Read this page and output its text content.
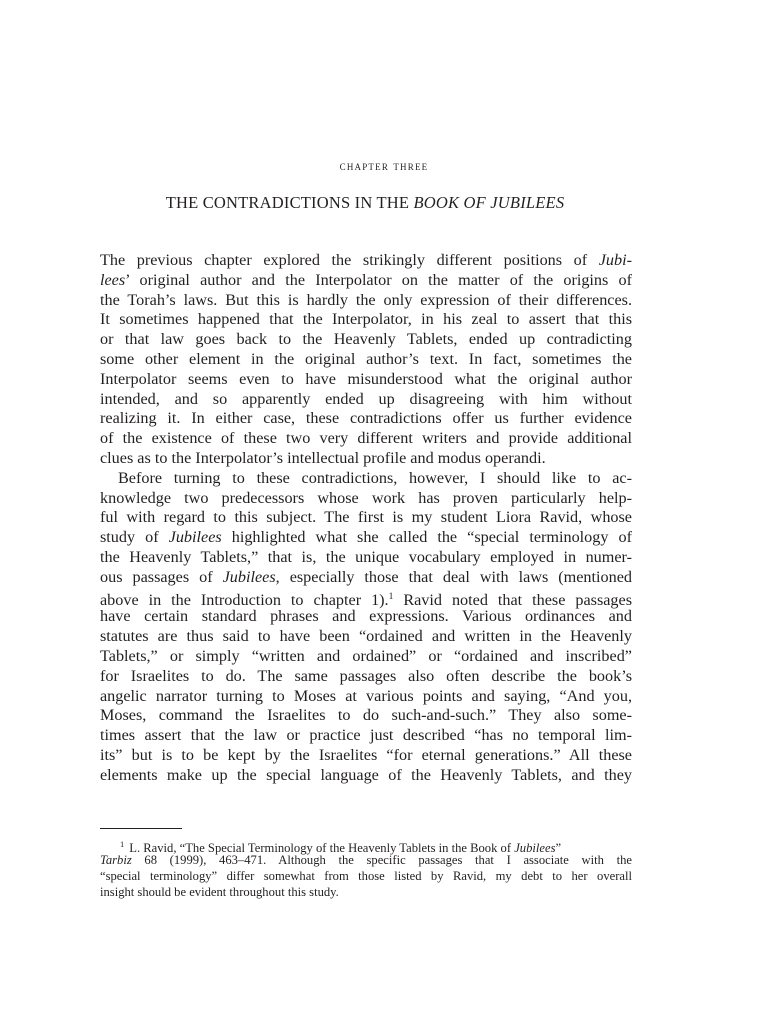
chapter three
THE CONTRADICTIONS IN THE BOOK OF JUBILEES
The previous chapter explored the strikingly different positions of Jubi-
lees’ original author and the Interpolator on the matter of the origins of
the Torah’s laws. But this is hardly the only expression of their differences.
It sometimes happened that the Interpolator, in his zeal to assert that this
or that law goes back to the Heavenly Tablets, ended up contradicting
some other element in the original author’s text. In fact, sometimes the
Interpolator seems even to have misunderstood what the original author
intended, and so apparently ended up disagreeing with him without
realizing it. In either case, these contradictions offer us further evidence
of the existence of these two very different writers and provide additional
clues as to the Interpolator’s intellectual profile and modus operandi.
Before turning to these contradictions, however, I should like to ac-
knowledge two predecessors whose work has proven particularly help-
ful with regard to this subject. The first is my student Liora Ravid, whose
study of Jubilees highlighted what she called the “special terminology of
the Heavenly Tablets,” that is, the unique vocabulary employed in numer-
ous passages of Jubilees, especially those that deal with laws (mentioned
above in the Introduction to chapter 1).$^1$ Ravid noted that these passages
have certain standard phrases and expressions. Various ordinances and
statutes are thus said to have been “ordained and written in the Heavenly
Tablets,” or simply “written and ordained” or “ordained and inscribed”
for Israelites to do. The same passages also often describe the book’s
angelic narrator turning to Moses at various points and saying, “And you,
Moses, command the Israelites to do such-and-such.” They also some-
times assert that the law or practice just described “has no temporal lim-
its” but is to be kept by the Israelites “for eternal generations.” All these
elements make up the special language of the Heavenly Tablets, and they
$^1$ L. Ravid, “The Special Terminology of the Heavenly Tablets in the Book of Jubilees”
Tarbiz 68 (1999), 463–471. Although the specific passages that I associate with the
“special terminology” differ somewhat from those listed by Ravid, my debt to her overall
insight should be evident throughout this study.
